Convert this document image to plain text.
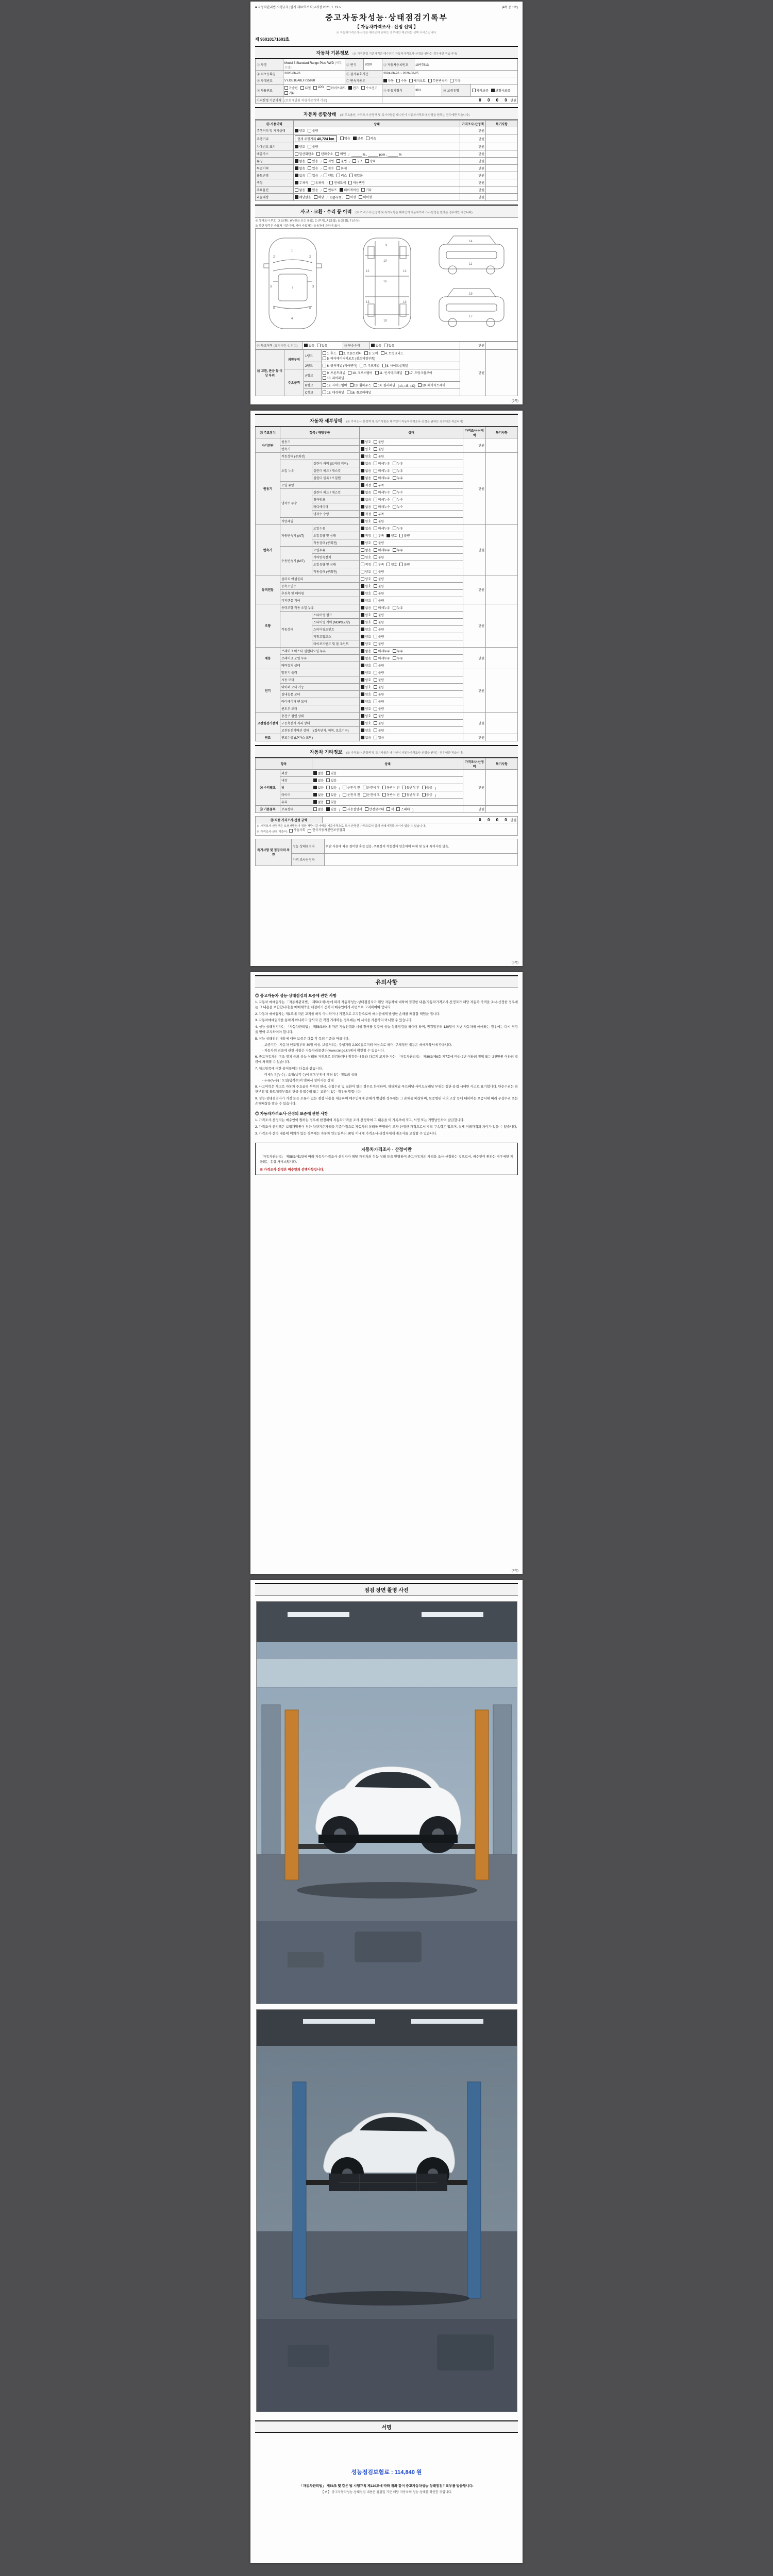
■ 자동차관리법 시행규칙 [별지 제82호서식] <개정 2021. 1. 19.>	(4쪽 중 1쪽)
중고자동차성능·상태점검기록부
【 자동차가격조사 · 산정 선택 】
※ 자동차가격조사·산정은 매수인이 원하는 경우에만 제공되는 선택 서비스입니다.
제 96010171603호
자동차 기본정보 (※ 가격산정 기준가격은 매수인이 자동차가격조사·산정을 원하는 경우에만 적습니다)
① 차명	Model 3 Standard Range Plus RWD (세부모델)	② 연식	2020	③ 자동차등록번호	19구7613		
④ 최초등록일	2020-06-26	⑤ 검사유효기간		2024-06-26 ~ 2026-06-25			
⑥ 차대번호	5YJ3E1EA8LF725998	⑦ 변속기종류		자동 수동 세미오토 무단변속기 기타			

⑧ 사용연료	
가솔린 디젤 LPG 하이브리드 전기 수소전기
기타
	⑨ 원동기형식	3D1	⑩ 보증유형	자가보증 보험사보증

가격산정 기준가격	(보험개발원 차량기준가액 기준)			0 0 0 0 만원			
자동차 종합상태 (※ 주요옵션, 가격조사·산정액 및 특기사항은 매수인이 자동차가격조사·산정을 원하는 경우에만 적습니다)
⑪ 사용이력	상태	가격조사·산정액	특기사항
주행거리 및 계기상태	양호 불량	만원	
주행거리	현재 주행거리 40,724 km 많음 보통 적음	만원	
차대번호 표기	양호 불량	만원	
배출가스	일산화탄소 탄화수소 매연 / ______ % , ______ ppm , ______ %	만원	
튜닝	없음 있음 / 적법 불법 / 구조 장치	만원	
특별이력	없음 있음 / 침수 화재	만원	
용도변경	없음 있음 / 렌트 리스 영업용	만원	
색상	무채색 유채색 / 전체도색 색상변경	만원	
주요옵션	없음 있음 / 썬루프 네비게이션 기타	만원	
리콜대상	해당없음 해당 / 리콜이행 : 이행 미이행	만원	
사고 · 교환 · 수리 등 이력 (※ 가격조사·산정액 및 특기사항은 매수인이 자동차가격조사·산정을 원하는 경우에만 적습니다)
※ 상태표시 부호 : X (교환), W (판금 또는 용접), C (부식), A (흠집), U (요철), T (손상)
※ 하단 항목은 승용차 기준이며, 기타 자동차는 승용차에 준하여 표시
1
2	2
3	3
7
4
6	6
9
10
12	12
16
13	13
18
14
11
19
17
⑫ 사고이력 (표시사항 4. 참고)	없음 있음	⑬ 단순수리	없음 있음	만원	
⑭ 교환, 판금 등 이상 부위	외판부위	1랭크	1. 후드 2. 프론트펜더 3. 도어 4. 트렁크리드
5. 라디에이터서포트 (볼트체결부품)	만원	
		2랭크	6. 쿼터패널 (리어펜더) 7. 루프패널 8. 사이드실패널		

	주요골격	A랭크	9. 프론트패널 10. 크로스멤버 11. 인사이드패널 17. 트렁크플로어
18. 리어패널		

		B랭크	12. 사이드멤버 13. 휠하우스 14. 필러패널 (□A, □B, □C) 19. 패키지트레이		

		C랭크	15. 대쉬패널 16. 플로어패널		
(2쪽)
자동차 세부상태 (※ 가격조사·산정액 및 특기사항은 매수인이 자동차가격조사·산정을 원하는 경우에만 적습니다)
⑮ 주요장치	항목 / 해당부품		상태	가격조사·산정액	특기사항
자기진단	원동기		양호 불량	만원	
	변속기		양호 불량		

원동기	작동상태 (공회전)		양호 불량	만원	
	오일 누유	실린더 커버 (로커암 커버)	없음 미세누유 누유		

		실린더 헤드 / 개스킷	없음 미세누유 누유		

		실린더 블록 / 오일팬	없음 미세누유 누유		

	오일 유량		적정 부족		

	냉각수 누수	실린더 헤드 / 개스킷	없음 미세누수 누수		

		워터펌프	없음 미세누수 누수		

		라디에이터	없음 미세누수 누수		

		냉각수 수량	적정 부족		

	커먼레일		양호 불량		

변속기	자동변속기 (A/T)	오일누유	없음 미세누유 누유	만원	
		오일유량 및 상태	적정 부족 양호 불량		

		작동상태 (공회전)	양호 불량		

	수동변속기 (M/T)	오일누유	없음 미세누유 누유		

		기어변속장치	양호 불량		

		오일유량 및 상태	적정 부족 양호 불량		

		작동상태 (공회전)	양호 불량		

동력전달	클러치 어셈블리		양호 불량	만원	
	등속조인트		양호 불량		

	추진축 및 베어링		양호 불량		

	디퍼렌셜 기어		양호 불량		

조향	동력조향 작동 오일 누유		없음 미세누유 누유	만원	
	작동상태	스티어링 펌프	양호 불량		

		스티어링 기어 (MDPS포함)	양호 불량		

		스티어링조인트	양호 불량		

		파워고압호스	양호 불량		

		타이로드엔드 및 볼 조인트	양호 불량		

제동	브레이크 마스터 실린더오일 누유		없음 미세누유 누유	만원	
	브레이크 오일 누유		없음 미세누유 누유		

	배력장치 상태		양호 불량		

전기	발전기 출력		양호 불량	만원	
	시동 모터		양호 불량		

	와이퍼 모터 기능		양호 불량		

	실내송풍 모터		양호 불량		

	라디에이터 팬 모터		양호 불량		

	윈도우 모터		양호 불량		

고전원전기장치	충전구 절연 상태		양호 불량	만원	
	구동축전지 격리 상태		양호 불량		

	고전원전기배선 상태	(접속단자, 피복, 보호기구)	양호 불량		

연료	연료누출 (LP가스 포함)		없음 있음	만원	
자동차 기타정보 (※ 가격조사·산정액 및 특기사항은 매수인이 자동차가격조사·산정을 원하는 경우에만 적습니다)
항목		상태	가격조사·산정액	특기사항
⑯ 수리필요	외장	없음 있음	만원	
	내장	없음 있음		

휠	없음 있음 ( 운전석 전 운전석 후 동반석 전 동반석 후 응급 )
타이어	없음 있음 ( 운전석 전 운전석 후 동반석 전 동반석 후 응급 )
	유리	없음 있음		

⑰ 기본품목	보유상태	없음 있음 ( 사용설명서 안전삼각대 잭 스패너 )	만원	
⑱ 최종 가격조사·산정 금액	0 0 0 0 만원

※ 가격조사·산정액은 보험개발원이 정한 차량기준가액을 기준가격으로 조사·산정한 가격으로서 실제 거래가격과 차이가 있을 수 있습니다.
※ 가격조사·산정 기준서 : 기술사회 한국자동차진단보증협회
특기사항 및 점검자의 의견	성능·상태점검자	외판 사용에 따른 경미한 흠집 있음. 주요장치 작동상태 양호하며 하체 및 실내 특이사항 없음.
	가격·조사산정자	
(3쪽)
유의사항
◎ 중고자동차 성능·상태점검의 보증에 관한 사항
1. 자동차 매매업자는 「자동차관리법」 제58조제1항에 따라 자동차성능·상태점검자가 해당 자동차에 대하여 점검한 내용(자동차가격조사·산정자가 해당 자동차 가격을 조사·산정한 경우에는 그 내용을 포함합니다)을 매매계약을 체결하기 전까지 매수인에게 서면으로 고지하여야 합니다.
2. 자동차 매매업자는 제1호에 따른 고지를 하지 아니하거나 거짓으로 고지함으로써 매수인에게 발생한 손해를 배상할 책임을 집니다.
3. 자동차매매업자를 통하지 아니하고 당사자 간 직접 거래하는 경우에는 이 서식을 사용하지 아니할 수 있습니다.
4. 성능·상태점검자는 「자동차관리법」 제58조의4에 따른 기술인력과 시설·장비를 갖추어 성능·상태점검을 하여야 하며, 점검일부터 120일이 지난 자동차를 매매하는 경우에는 다시 점검을 받아 고지하여야 합니다.
5. 성능·상태점검 내용에 대한 보증은 다음 각 목의 기준을 따릅니다.
- 보증기간 : 자동차 인도일부터 30일 이상, 보증거리는 주행거리 2,000킬로미터 이상으로 하며, 구체적인 내용은 매매계약서에 따릅니다.
- 자동차의 리콜에 관한 사항은 자동차리콜센터(www.car.go.kr)에서 확인할 수 있습니다.
6. 중고자동차의 구조·장치 등의 성능·상태를 거짓으로 점검하거나 점검한 내용과 다르게 고지한 자는 「자동차관리법」 제80조제6호·제7호에 따라 2년 이하의 징역 또는 2천만원 이하의 벌금에 처해질 수 있습니다.
7. 체크항목에 대한 용어풀이는 다음과 같습니다.
- 미세누유(누수) : 오일(냉각수)이 작동부위에 맺혀 있는 정도의 상태
- 누유(누수) : 오일(냉각수)이 맺혀서 떨어지는 상태
8. 사고이력은 사고로 자동차 주요골격 부위의 판금, 용접수리 및 교환이 있는 경우로 한정하며, 쿼터패널·루프패널·사이드실패널 부위는 절단·용접 시에만 사고로 표기합니다. 단순수리는 외판부위 및 볼트체결부품의 판금·용접수리 또는 교환이 있는 경우를 말합니다.
9. 성능·상태점검자가 거짓 또는 오류가 있는 점검 내용을 제공하여 매수인에게 손해가 발생한 경우에는 그 손해를 배상하며, 보증범위 내의 고장 등에 대하여는 보증서에 따라 무상수리 또는 손해배상을 받을 수 있습니다.
◎ 자동차가격조사·산정의 보증에 관한 사항
1. 가격조사·산정자는 매수인이 원하는 경우에 한정하여 자동차가격을 조사·산정하여 그 내용을 이 기록부에 적고, 서명 또는 기명날인하여 발급합니다.
2. 가격조사·산정액은 보험개발원이 정한 차량기준가액을 기준가격으로 자동차의 상태를 반영하여 조사·산정한 가격으로서 법적 구속력은 없으며, 실제 거래가격과 차이가 있을 수 있습니다.
3. 가격조사·산정 내용에 이의가 있는 경우에는 자동차 인도일부터 30일 이내에 가격조사·산정자에게 재조사를 요청할 수 있습니다.
자동차가격조사 · 산정이란
「자동차관리법」 제58조제1항에 따라 자동차가격조사·산정자가 해당 자동차의 성능·상태 등을 반영하여 중고자동차의 가격을 조사·산정하는 것으로서, 매수인이 원하는 경우에만 제공되는 유상 서비스입니다.
※ 가격조사·산정은 매수인의 선택사항입니다.
(4쪽)
점검 장면 촬영 사진
서명
성능점검보험료 : 114,840 원
「자동차관리법」 제58조 및 같은 법 시행규칙 제120조에 따라 위와 같이 중고자동차성능·상태점검기록부를 발급합니다.
【 V 】 중고자동차성능·상태점검 내용은 점검일 기준 해당 자동차의 성능·상태를 확인한 것입니다.
